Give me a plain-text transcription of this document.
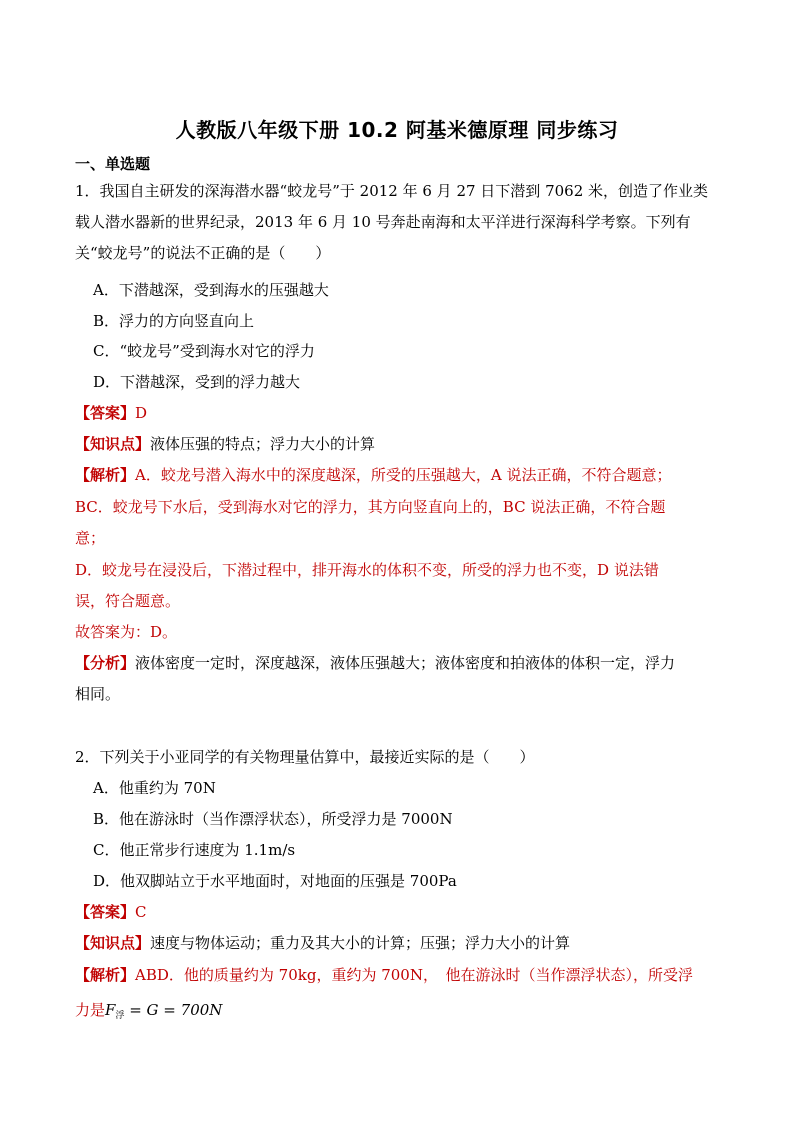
人教版八年级下册 10.2 阿基米德原理 同步练习
一、单选题
1．我国自主研发的深海潜水器“蛟龙号”于 2012 年 6 月 27 日下潜到 7062 米，创造了作业类
载人潜水器新的世界纪录，2013 年 6 月 10 号奔赴南海和太平洋进行深海科学考察。下列有
关“蛟龙号”的说法不正确的是（　　）
A．下潜越深，受到海水的压强越大
B．浮力的方向竖直向上
C．“蛟龙号”受到海水对它的浮力
D．下潜越深，受到的浮力越大
【答案】D
【知识点】液体压强的特点；浮力大小的计算
【解析】A．蛟龙号潜入海水中的深度越深，所受的压强越大，A 说法正确，不符合题意；
BC．蛟龙号下水后，受到海水对它的浮力，其方向竖直向上的，BC 说法正确，不符合题
意；
D．蛟龙号在浸没后，下潜过程中，排开海水的体积不变，所受的浮力也不变，D 说法错
误，符合题意。
故答案为：D。
【分析】液体密度一定时，深度越深，液体压强越大；液体密度和拍液体的体积一定，浮力
相同。
2．下列关于小亚同学的有关物理量估算中，最接近实际的是（　　）
A．他重约为 70N
B．他在游泳时（当作漂浮状态），所受浮力是 7000N
C．他正常步行速度为 1.1m/s
D．他双脚站立于水平地面时，对地面的压强是 700Pa
【答案】C
【知识点】速度与物体运动；重力及其大小的计算；压强；浮力大小的计算
【解析】ABD．他的质量约为 70kg，重约为 700N，　他在游泳时（当作漂浮状态），所受浮
力是$F_浮 = G = 700N$
